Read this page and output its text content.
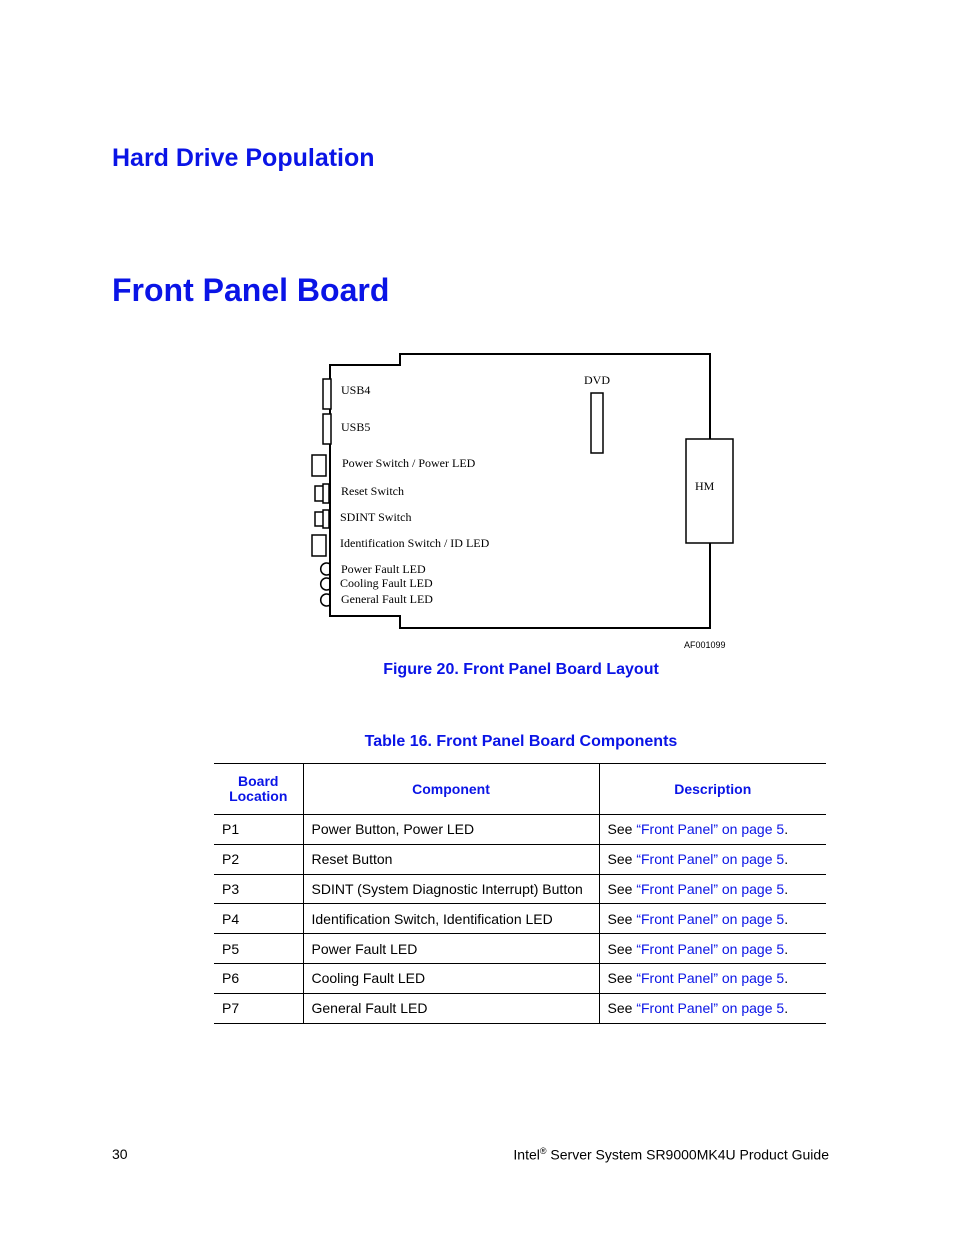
Hard Drive Population
Front Panel Board
USB4
USB5
DVD
HM
Power Switch / Power LED
Reset Switch
SDINT Switch
Identification Switch / ID LED
Power Fault LED
Cooling Fault LED
General Fault LED
AF001099
Figure 20. Front Panel Board Layout
Table 16. Front Panel Board Components
Board
Location	Component	Description
P1	Power Button, Power LED	See “Front Panel” on page 5.
P2	Reset Button	See “Front Panel” on page 5.
P3	SDINT (System Diagnostic Interrupt) Button	See “Front Panel” on page 5.
P4	Identification Switch, Identification LED	See “Front Panel” on page 5.
P5	Power Fault LED	See “Front Panel” on page 5.
P6	Cooling Fault LED	See “Front Panel” on page 5.
P7	General Fault LED	See “Front Panel” on page 5.
30	Intel® Server System SR9000MK4U Product Guide
